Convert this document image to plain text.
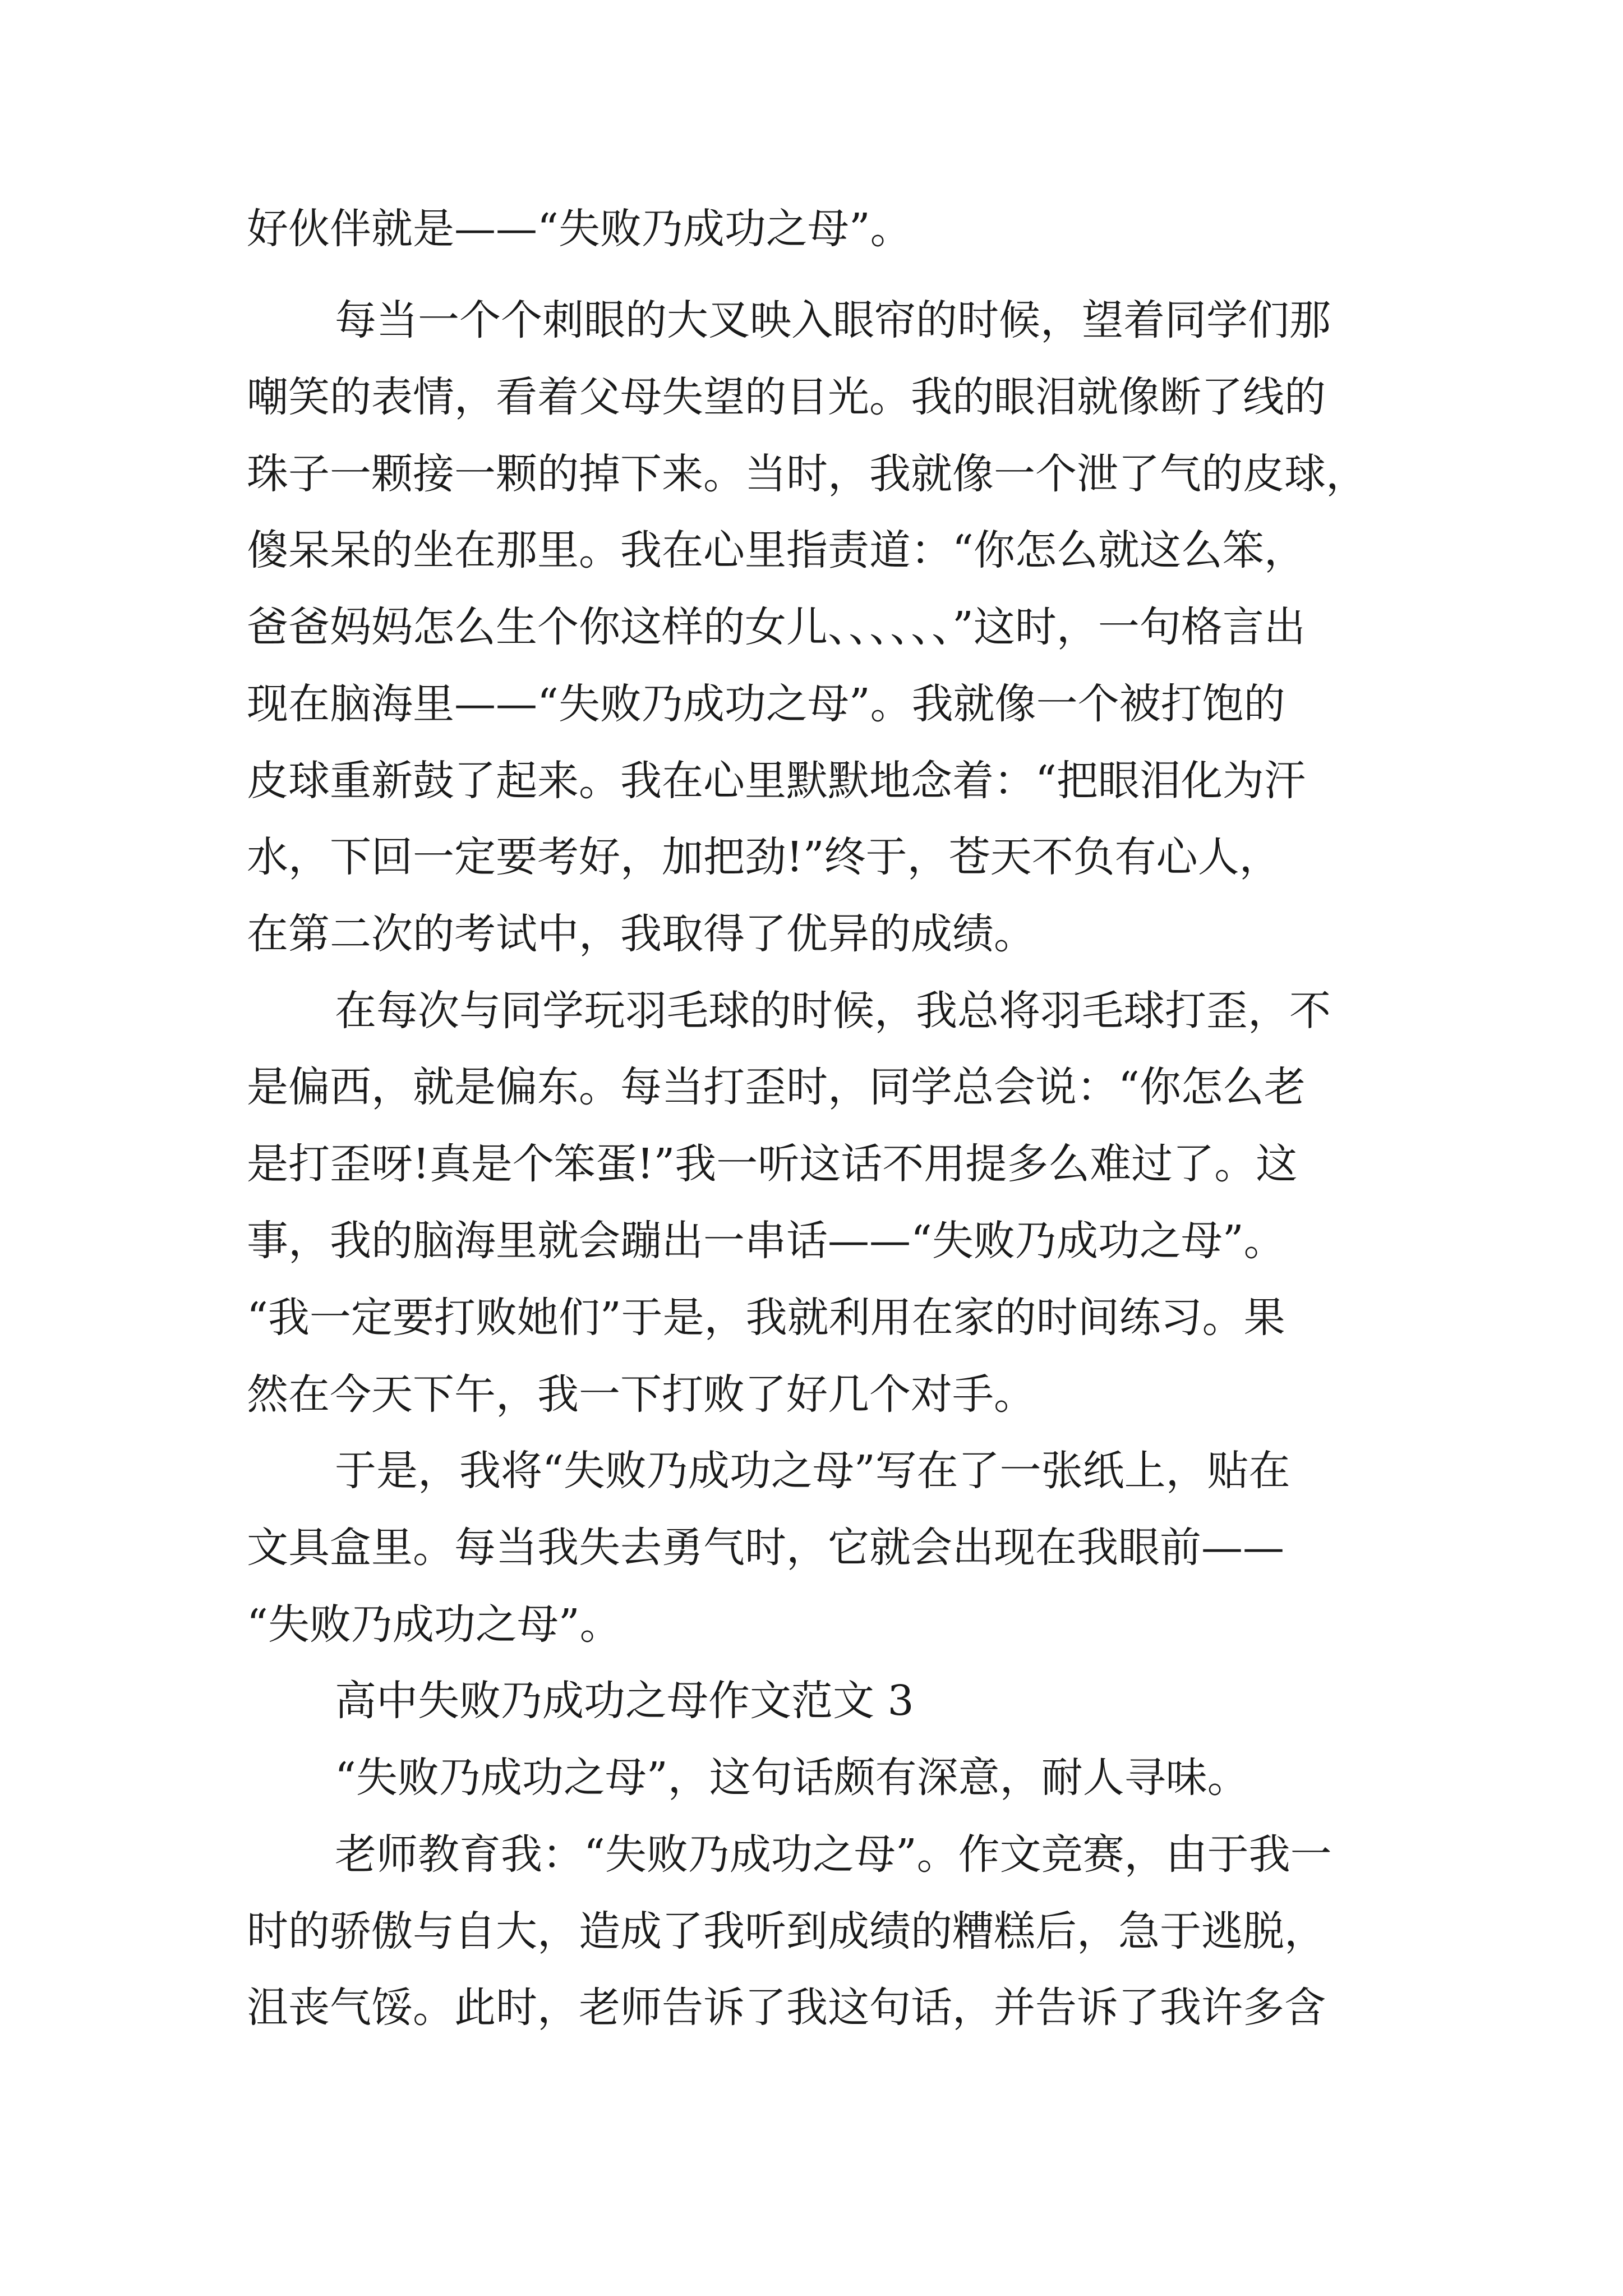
好伙伴就是——“失败乃成功之母”。
每当一个个刺眼的大叉映入眼帘的时候，望着同学们那
嘲笑的表情，看着父母失望的目光。我的眼泪就像断了线的
珠子一颗接一颗的掉下来。当时，我就像一个泄了气的皮球，
傻呆呆的坐在那里。我在心里指责道：“你怎么就这么笨，
爸爸妈妈怎么生个你这样的女儿、、、、、、”这时，一句格言出
现在脑海里——“失败乃成功之母”。我就像一个被打饱的
皮球重新鼓了起来。我在心里默默地念着：“把眼泪化为汗
水，下回一定要考好，加把劲!”终于，苍天不负有心人，
在第二次的考试中，我取得了优异的成绩。
在每次与同学玩羽毛球的时候，我总将羽毛球打歪，不
是偏西，就是偏东。每当打歪时，同学总会说：“你怎么老
是打歪呀!真是个笨蛋!”我一听这话不用提多么难过了。这
事，我的脑海里就会蹦出一串话——“失败乃成功之母”。
“我一定要打败她们”于是，我就利用在家的时间练习。果
然在今天下午，我一下打败了好几个对手。
于是，我将“失败乃成功之母”写在了一张纸上，贴在
文具盒里。每当我失去勇气时，它就会出现在我眼前——
“失败乃成功之母”。
高中失败乃成功之母作文范文 3
“失败乃成功之母”，这句话颇有深意，耐人寻味。
老师教育我：“失败乃成功之母”。作文竞赛，由于我一
时的骄傲与自大，造成了我听到成绩的糟糕后，急于逃脱，
沮丧气馁。此时，老师告诉了我这句话，并告诉了我许多含
